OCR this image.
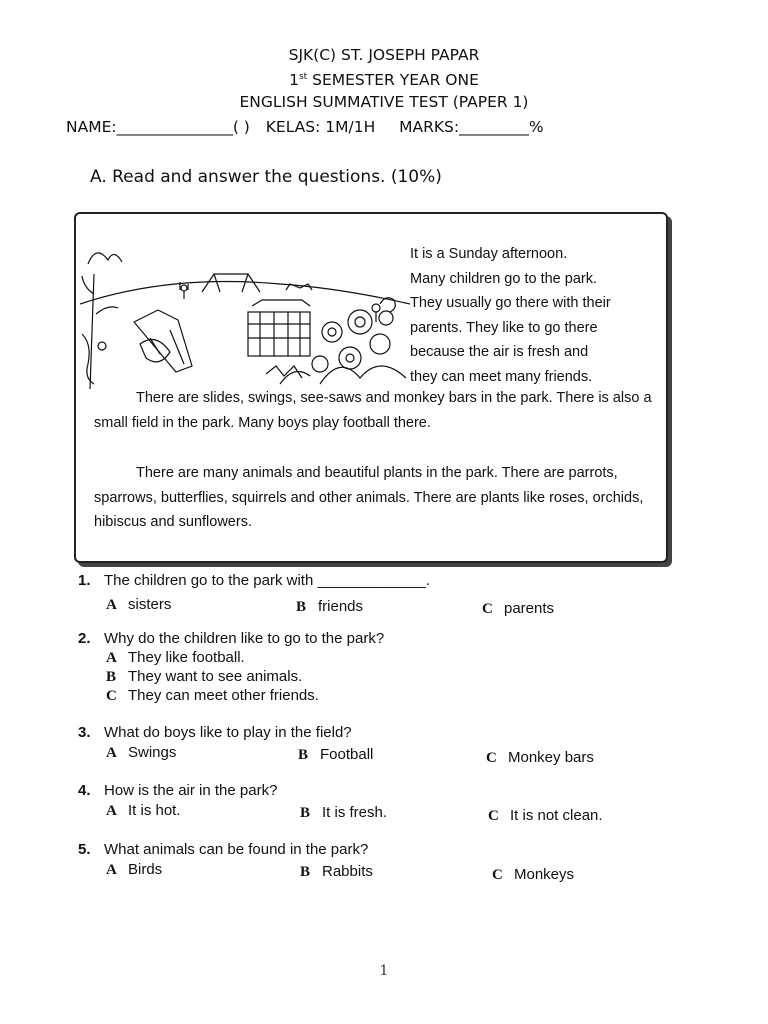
SJK(C) ST. JOSEPH PAPAR
1st SEMESTER YEAR ONE
ENGLISH SUMMATIVE TEST (PAPER 1)
NAME:_______________( ) KELAS: 1M/1H MARKS:_________%
A. Read and answer the questions. (10%)

It is a Sunday afternoon.

Many children go to the park.

They usually go there with their

parents. They like to go there

because the air is fresh and

they can meet many friends.

There are slides, swings, see-saws and monkey bars in the park. There is also a small field in the park. Many boys play football there.

There are many animals and beautiful plants in the park. There are parrots, sparrows, butterflies, squirrels and other animals. There are plants like roses, orchids, hibiscus and sunflowers.

1. The children go to the park with _____________.
A sisters	B friends	C parents
2. Why do the children like to go to the park?
A They like football.
B They want to see animals.
C They can meet other friends.
3. What do boys like to play in the field?
A Swings	B Football	C Monkey bars
4. How is the air in the park?
A It is hot.	B It is fresh.	C It is not clean.
5. What animals can be found in the park?
A Birds	B Rabbits	C Monkeys
1
